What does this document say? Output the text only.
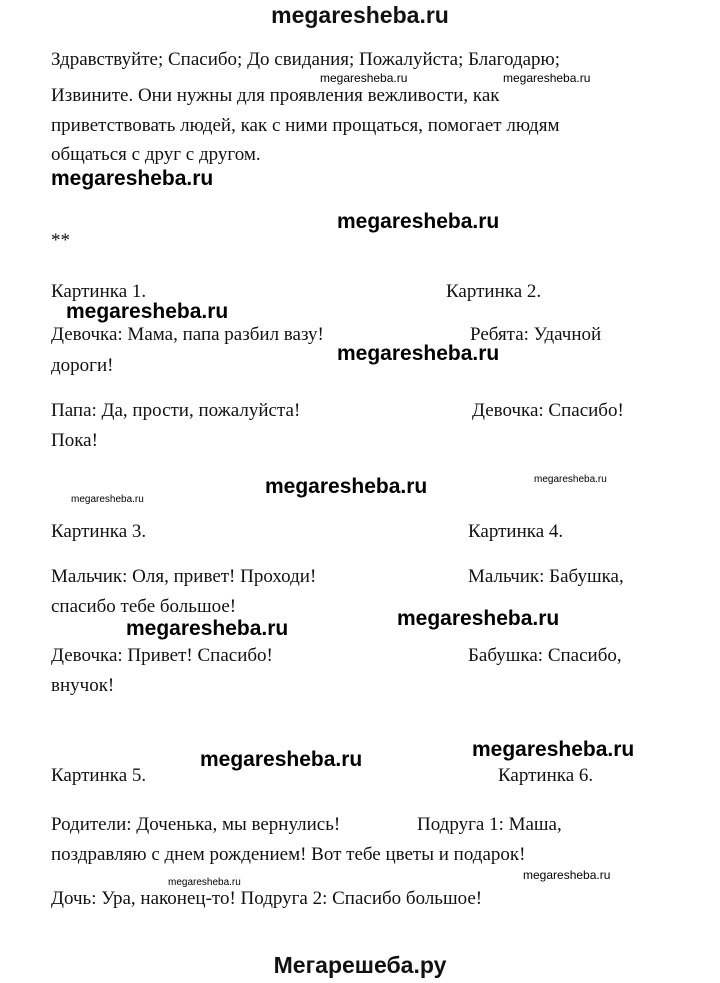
megaresheba.ru
Здравствуйте; Спасибо; До свидания; Пожалуйста; Благодарю;
Извините. Они нужны для проявления вежливости, как
приветствовать людей, как с ними прощаться, помогает людям
общаться с друг с другом.
**
Картинка 1.	Картинка 2.
Девочка: Мама, папа разбил вазу!	Ребята: Удачной
дороги!
Папа: Да, прости, пожалуйста!	Девочка: Спасибо!
Пока!
Картинка 3.	Картинка 4.
Мальчик: Оля, привет! Проходи!	Мальчик: Бабушка,
спасибо тебе большое!
Девочка: Привет! Спасибо!	Бабушка: Спасибо,
внучок!
Картинка 5.	Картинка 6.
Родители: Доченька, мы вернулись!	Подруга 1: Маша,
поздравляю с днем рождением! Вот тебе цветы и подарок!
Дочь: Ура, наконец-то! Подруга 2: Спасибо большое!
megaresheba.ru	megaresheba.ru
megaresheba.ru
megaresheba.ru
megaresheba.ru
megaresheba.ru
megaresheba.ru
megaresheba.ru	megaresheba.ru
megaresheba.ru	megaresheba.ru
megaresheba.ru	megaresheba.ru
megaresheba.ru
megaresheba.ru
Мегарешеба.ру
